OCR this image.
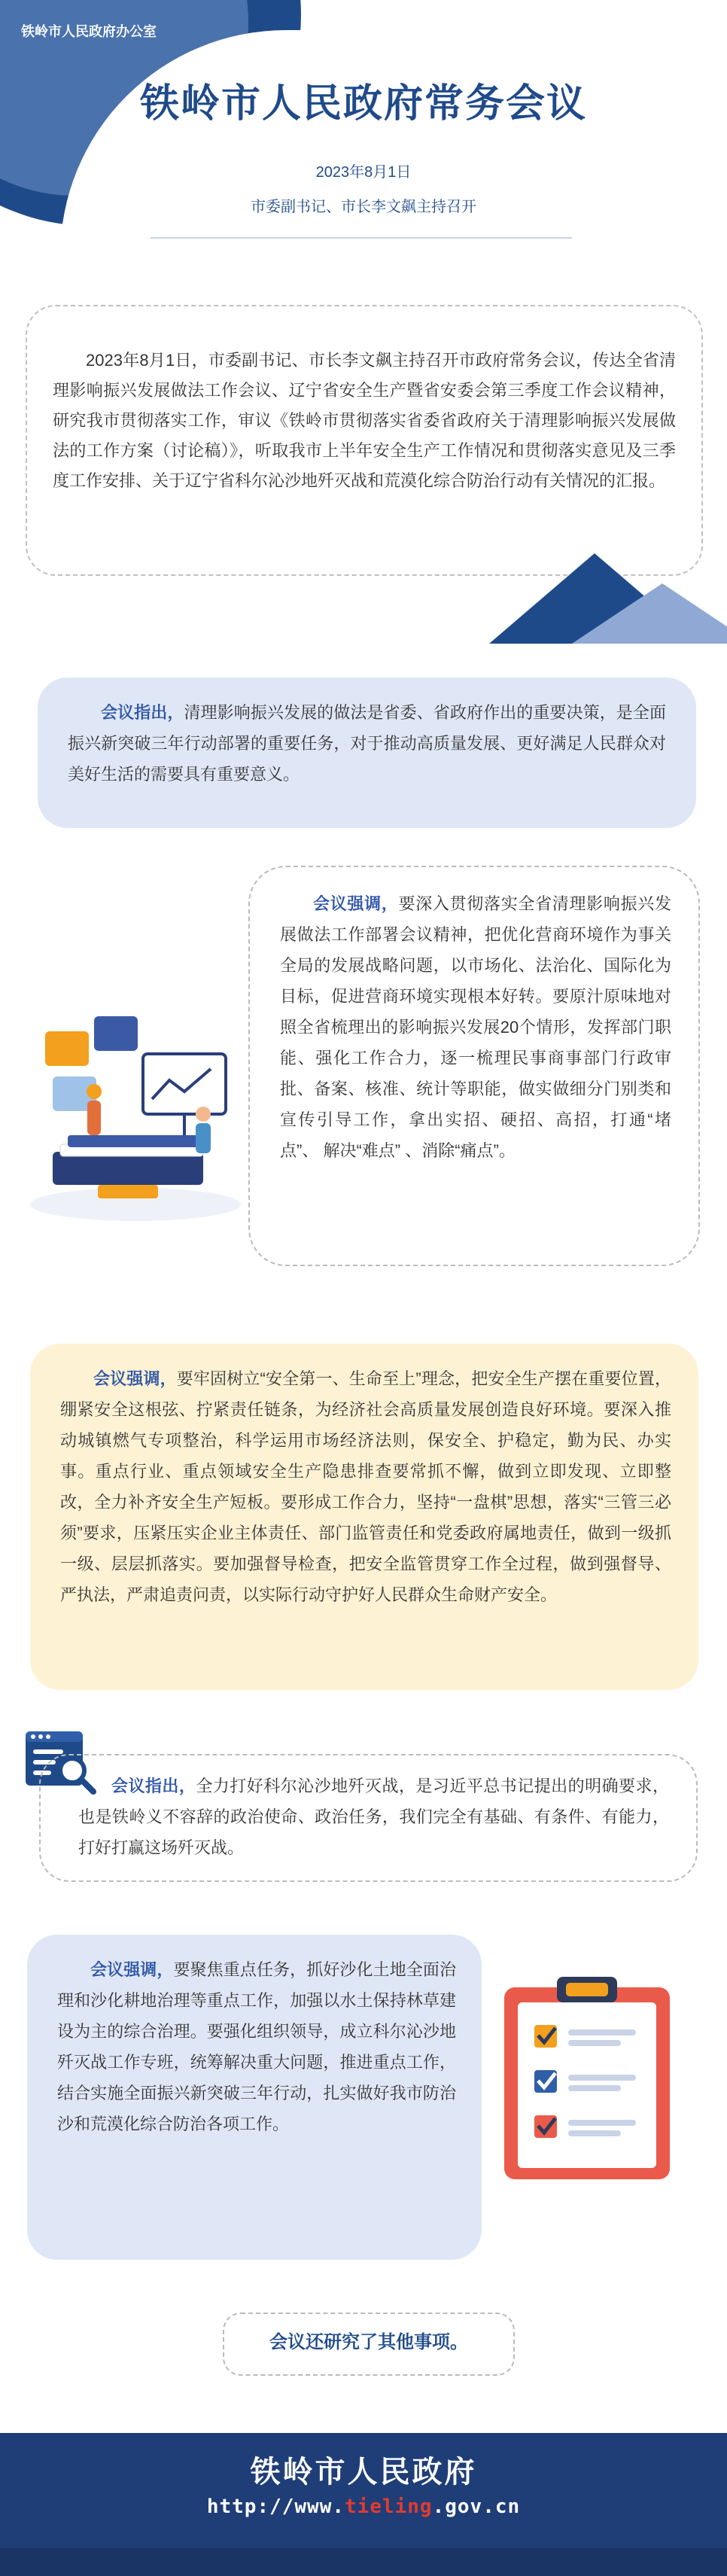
铁岭市人民政府办公室
铁岭市人民政府常务会议
2023年8月1日
市委副书记、市长李文飙主持召开
2023年8月1日，市委副书记、市长李文飙主持召开市政府常务会议，传达全省清理影响振兴发展做法工作会议、辽宁省安全生产暨省安委会第三季度工作会议精神，研究我市贯彻落实工作，审议《铁岭市贯彻落实省委省政府关于清理影响振兴发展做法的工作方案（讨论稿）》，听取我市上半年安全生产工作情况和贯彻落实意见及三季度工作安排、关于辽宁省科尔沁沙地歼灭战和荒漠化综合防治行动有关情况的汇报。
会议指出，清理影响振兴发展的做法是省委、省政府作出的重要决策，是全面振兴新突破三年行动部署的重要任务，对于推动高质量发展、更好满足人民群众对美好生活的需要具有重要意义。
会议强调，要深入贯彻落实全省清理影响振兴发展做法工作部署会议精神，把优化营商环境作为事关全局的发展战略问题，以市场化、法治化、国际化为目标，促进营商环境实现根本好转。要原汁原味地对照全省梳理出的影响振兴发展20个情形，发挥部门职能、强化工作合力，逐一梳理民事商事部门行政审批、备案、核准、统计等职能，做实做细分门别类和宣传引导工作，拿出实招、硬招、高招，打通“堵点”、 解决“难点” 、消除“痛点”。
会议强调，要牢固树立“安全第一、生命至上”理念，把安全生产摆在重要位置，绷紧安全这根弦、拧紧责任链条，为经济社会高质量发展创造良好环境。要深入推动城镇燃气专项整治，科学运用市场经济法则，保安全、护稳定，勤为民、办实事。重点行业、重点领域安全生产隐患排查要常抓不懈，做到立即发现、立即整改，全力补齐安全生产短板。要形成工作合力，坚持“一盘棋”思想，落实“三管三必须”要求，压紧压实企业主体责任、部门监管责任和党委政府属地责任，做到一级抓一级、层层抓落实。要加强督导检查，把安全监管贯穿工作全过程，做到强督导、严执法，严肃追责问责，以实际行动守护好人民群众生命财产安全。
会议指出，全力打好科尔沁沙地歼灭战，是习近平总书记提出的明确要求，也是铁岭义不容辞的政治使命、政治任务，我们完全有基础、有条件、有能力，打好打赢这场歼灭战。
会议强调，要聚焦重点任务，抓好沙化土地全面治理和沙化耕地治理等重点工作，加强以水土保持林草建设为主的综合治理。要强化组织领导，成立科尔沁沙地歼灭战工作专班，统筹解决重大问题，推进重点工作，结合实施全面振兴新突破三年行动，扎实做好我市防治沙和荒漠化综合防治各项工作。
会议还研究了其他事项。
铁岭市人民政府
http://www.tieling.gov.cn
